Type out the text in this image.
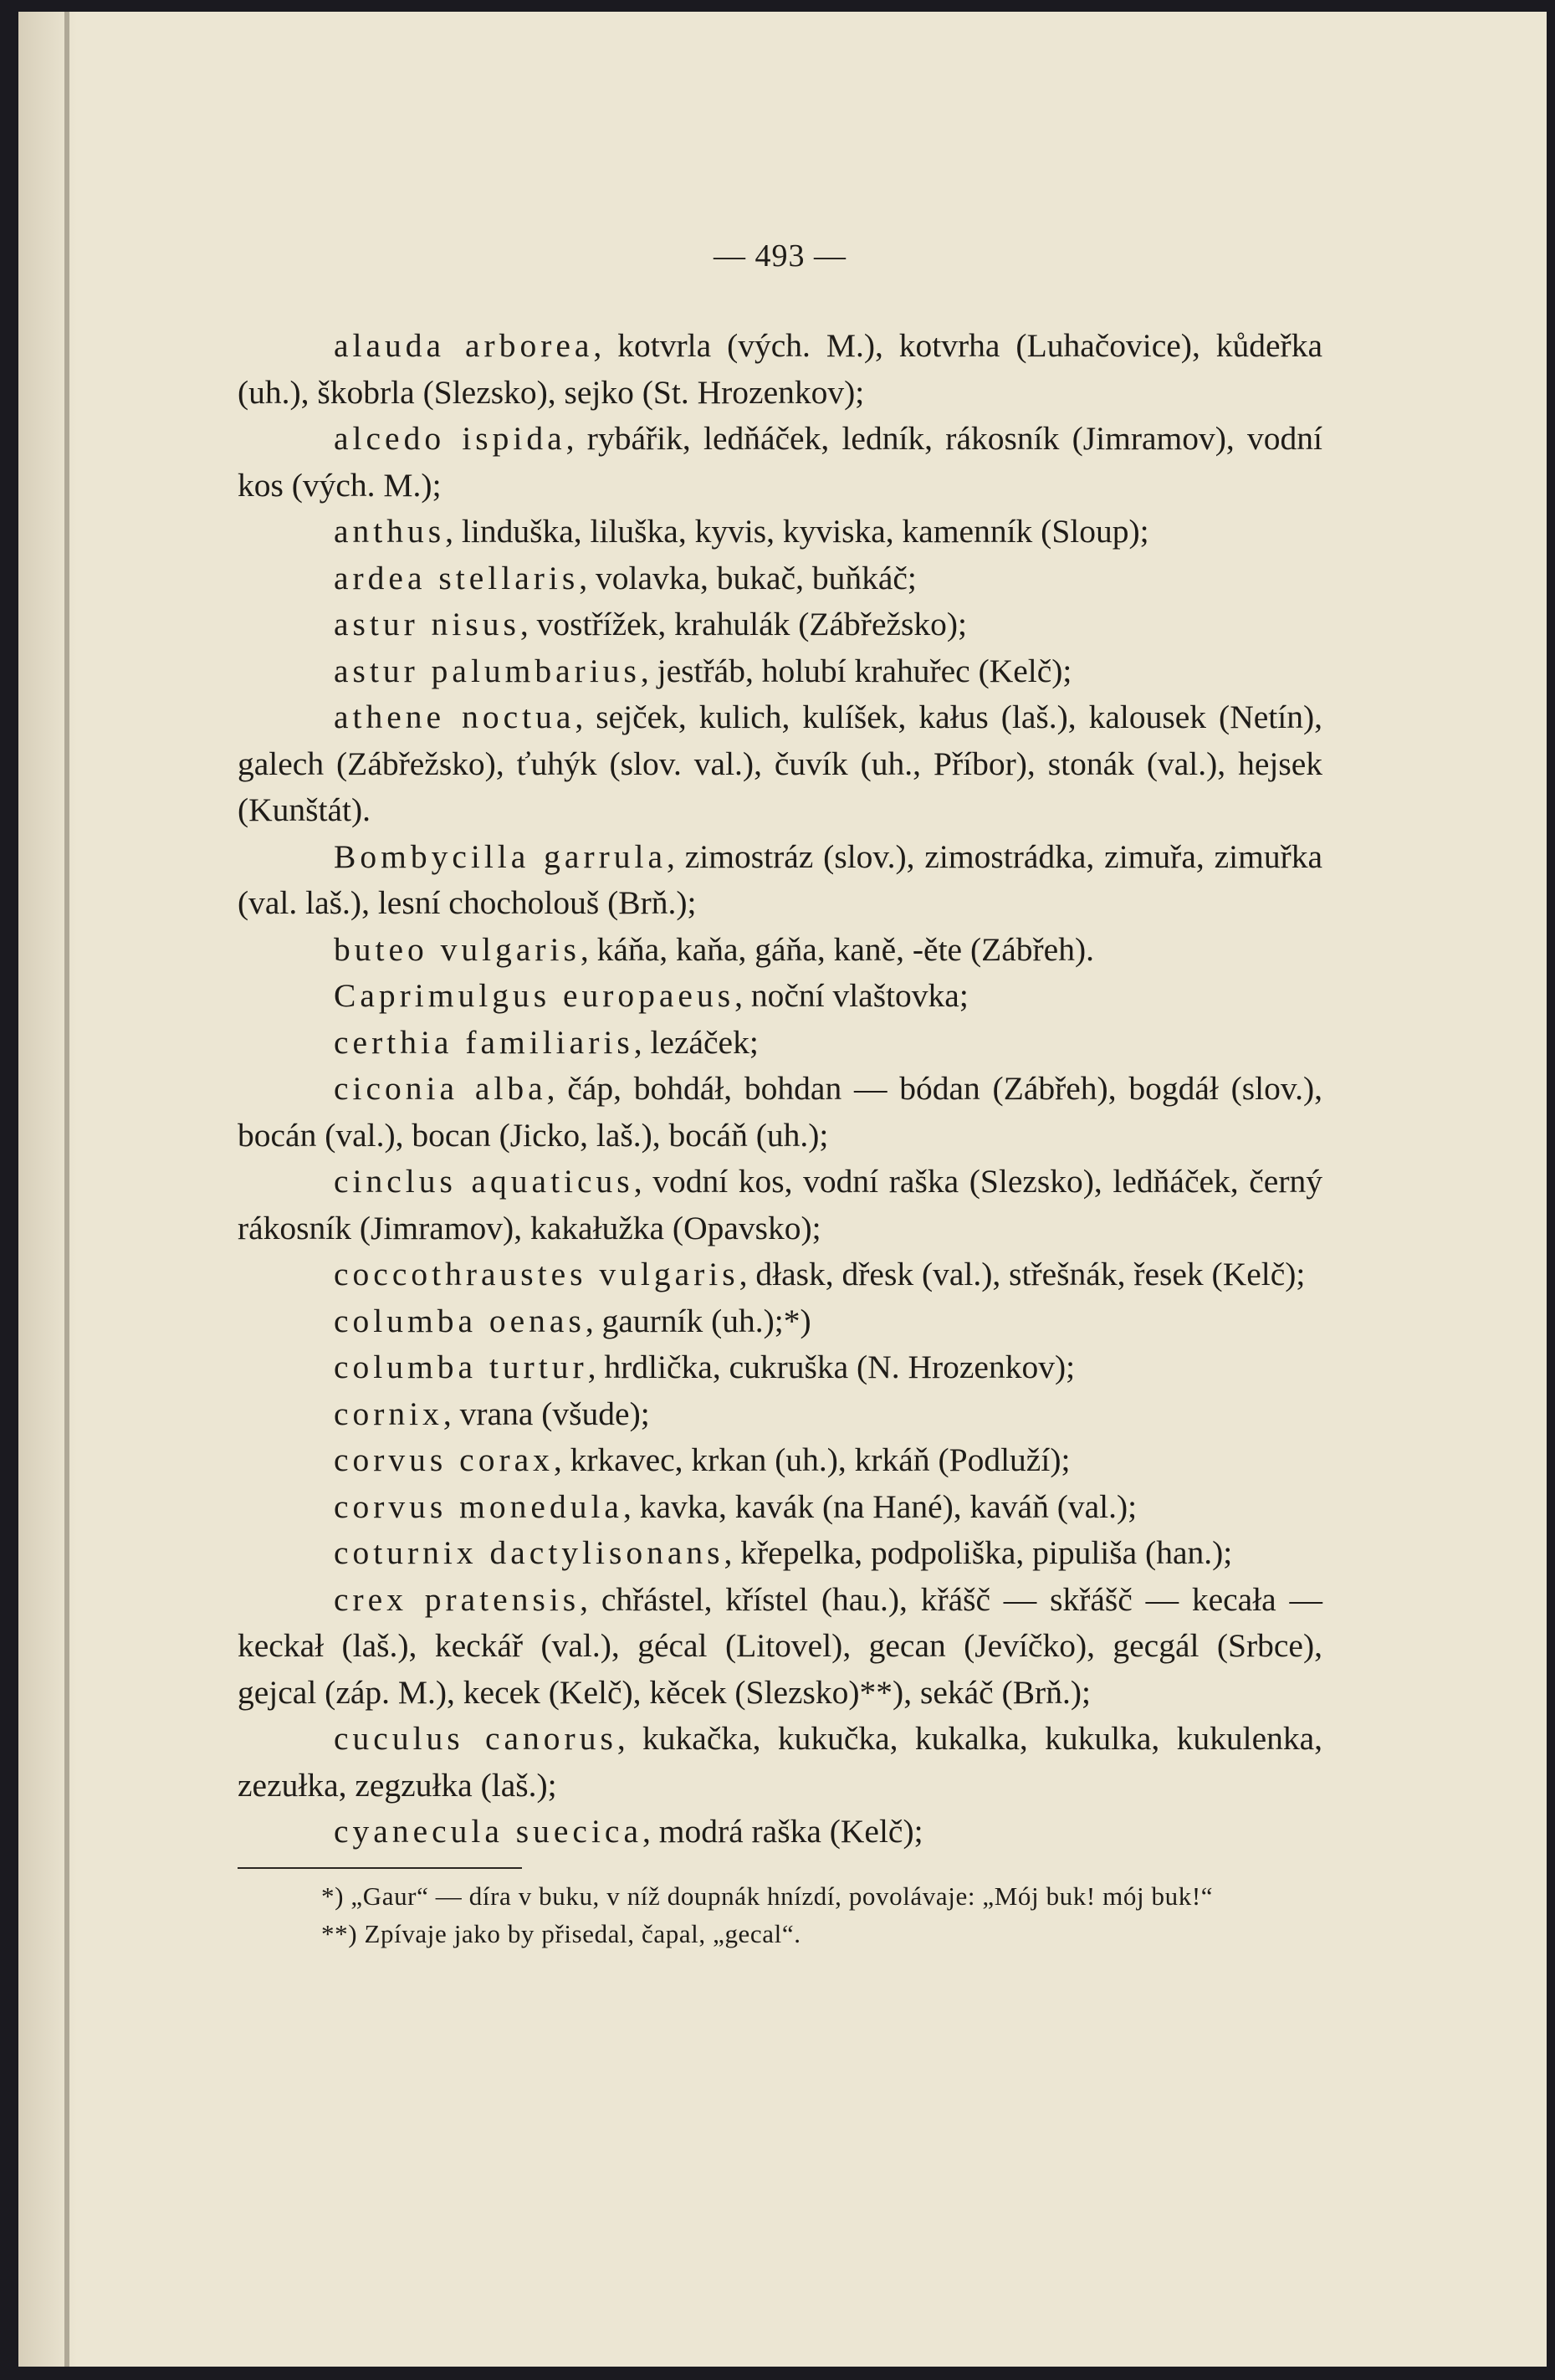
— 493 —
alauda arborea, kotvrla (vých. M.), kotvrha (Luhačovice), kůdeřka (uh.), škobrla (Slezsko), sejko (St. Hrozenkov);
alcedo ispida, rybářik, ledňáček, ledník, rákosník (Jimramov), vodní kos (vých. M.);
anthus, linduška, liluška, kyvis, kyviska, kamenník (Sloup);
ardea stellaris, volavka, bukač, buňkáč;
astur nisus, vostřížek, krahulák (Zábřežsko);
astur palumbarius, jestřáb, holubí krahuřec (Kelč);
athene noctua, sejček, kulich, kulíšek, kałus (laš.), kalousek (Netín), galech (Zábřežsko), ťuhýk (slov. val.), čuvík (uh., Příbor), stonák (val.), hejsek (Kunštát).
Bombycilla garrula, zimostráz (slov.), zimostrádka, zimuřa, zimuřka (val. laš.), lesní chocholouš (Brň.);
buteo vulgaris, káňa, kaňa, gáňa, kaně, -ěte (Zábřeh).
Caprimulgus europaeus, noční vlaštovka;
certhia familiaris, lezáček;
ciconia alba, čáp, bohdáł, bohdan — bódan (Zábřeh), bogdáł (slov.), bocán (val.), bocan (Jicko, laš.), bocáň (uh.);
cinclus aquaticus, vodní kos, vodní raška (Slezsko), ledňáček, černý rákosník (Jimramov), kakałužka (Opavsko);
coccothraustes vulgaris, dłask, dřesk (val.), střešnák, řesek (Kelč);
columba oenas, gaurník (uh.);*)
columba turtur, hrdlička, cukruška (N. Hrozenkov);
cornix, vrana (všude);
corvus corax, krkavec, krkan (uh.), krkáň (Podluží);
corvus monedula, kavka, kavák (na Hané), kaváň (val.);
coturnix dactylisonans, křepelka, podpoliška, pipuliša (han.);
crex pratensis, chřástel, křístel (hau.), křášč — skřášč — kecała — keckał (laš.), keckář (val.), gécal (Litovel), gecan (Jevíčko), gecgál (Srbce), gejcal (záp. M.), kecek (Kelč), kěcek (Slezsko)**), sekáč (Brň.);
cuculus canorus, kukačka, kukučka, kukalka, kukulka, kukulenka, zezułka, zegzułka (laš.);
cyanecula suecica, modrá raška (Kelč);
*) „Gaur“ — díra v buku, v níž doupnák hnízdí, povolávaje: „Mój buk! mój buk!“
**) Zpívaje jako by přisedal, čapal, „gecal“.
